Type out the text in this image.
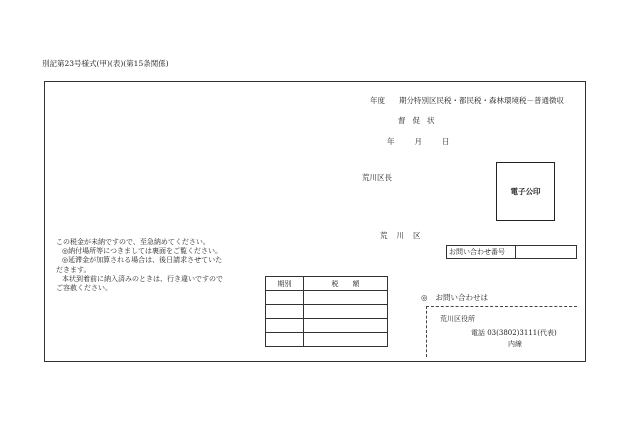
別記第23号様式(甲)(表)(第15条関係)
年度 期分特別区民税・都民税・森林環境税－普通徴収
督促状
年	月	日
荒川区長
電子公印
荒川区
お問い合わせ番号
この税金が未納ですので、至急納めてください。
◎納付場所等につきましては裏面をご覧ください。
◎延滞金が加算される場合は、後日請求させていた
だきます。
本状到着前に納入済みのときは、行き違いですので
ご容赦ください。
期別	税　　額

◎ お問い合わせは
荒川区役所
電話 03(3802)3111(代表)
内線
